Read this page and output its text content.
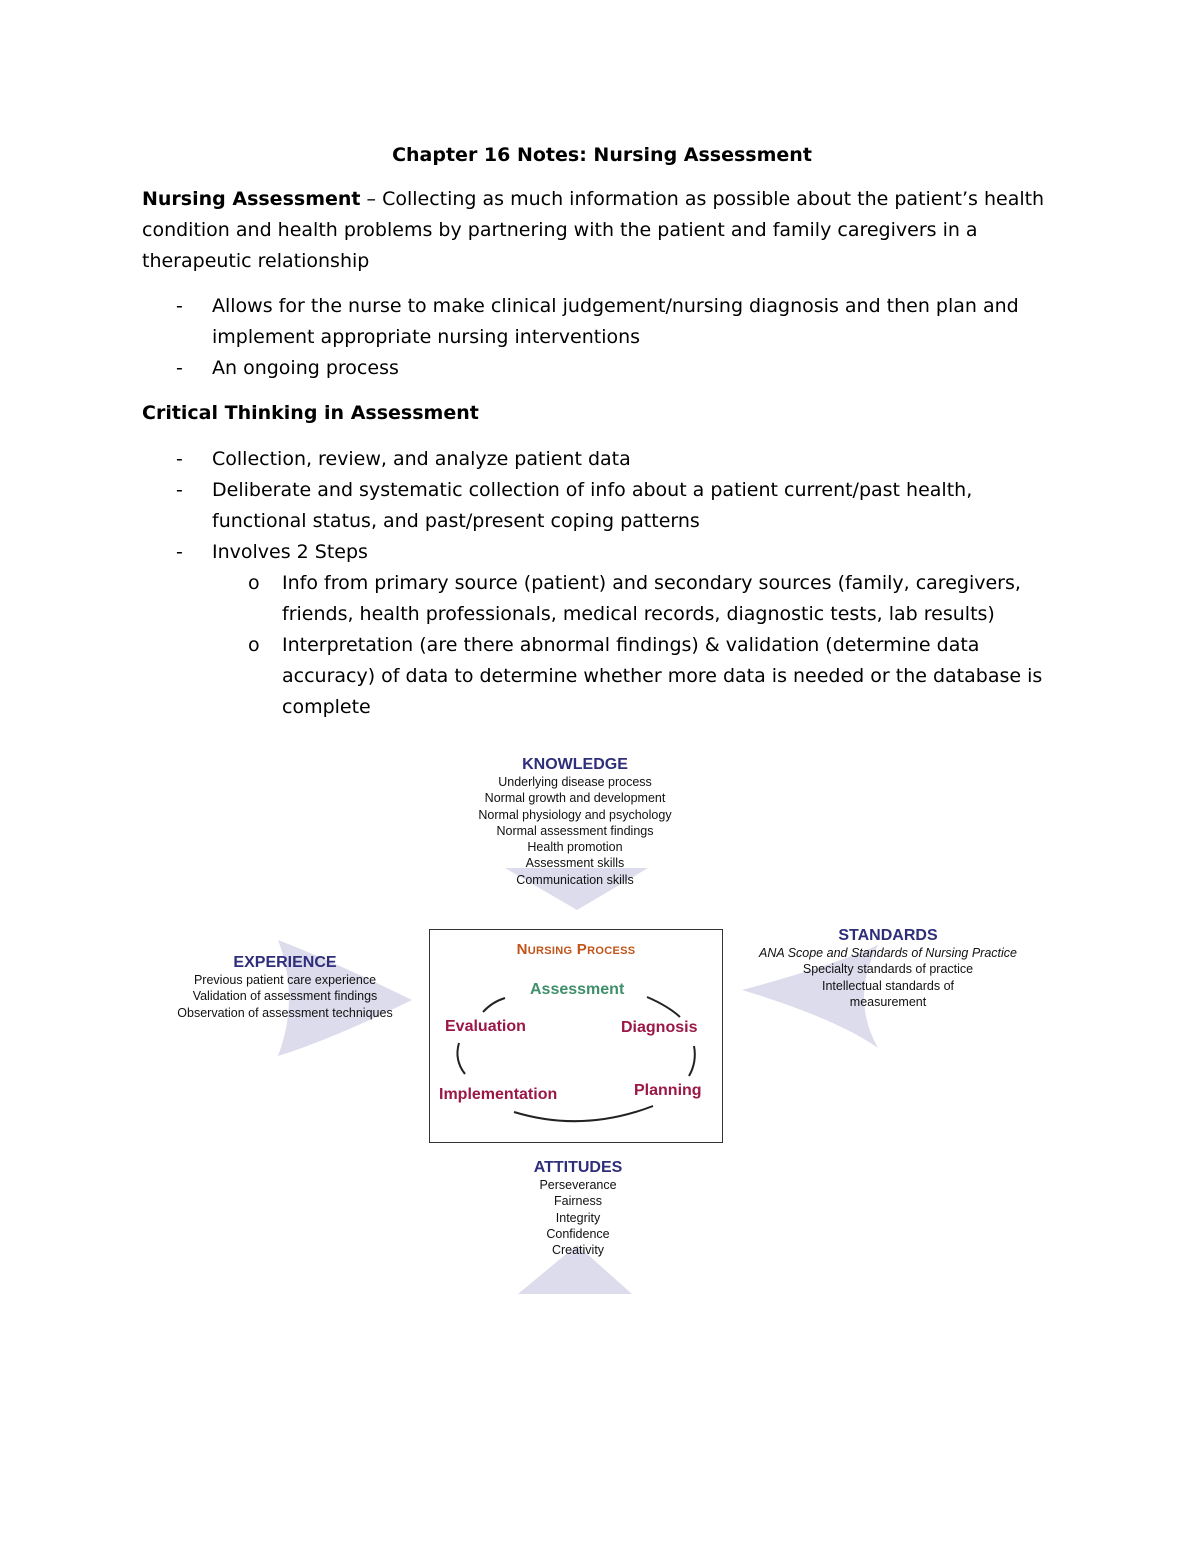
Chapter 16 Notes: Nursing Assessment

Nursing Assessment – Collecting as much information as possible about the patient’s health condition and health problems by partnering with the patient and family caregivers in a therapeutic relationship

- Allows for the nurse to make clinical judgement/nursing diagnosis and then plan and implement appropriate nursing interventions
- An ongoing process
Critical Thinking in Assessment
- Collection, review, and analyze patient data
- Deliberate and systematic collection of info about a patient current/past health, functional status, and past/present coping patterns
- Involves 2 Steps
o Info from primary source (patient) and secondary sources (family, caregivers, friends, health professionals, medical records, diagnostic tests, lab results)
o Interpretation (are there abnormal findings) & validation (determine data accuracy) of data to determine whether more data is needed or the database is complete
KNOWLEDGE
Underlying disease process
Normal growth and development
Normal physiology and psychology
Normal assessment findings
Health promotion
Assessment skills
Communication skills
EXPERIENCE
Previous patient care experience
Validation of assessment findings
Observation of assessment techniques
STANDARDS
ANA Scope and Standards of Nursing Practice
Specialty standards of practice
Intellectual standards of
measurement
Nursing Process
Assessment
Evaluation	Diagnosis
Implementation	Planning
ATTITUDES
Perseverance
Fairness
Integrity
Confidence
Creativity
